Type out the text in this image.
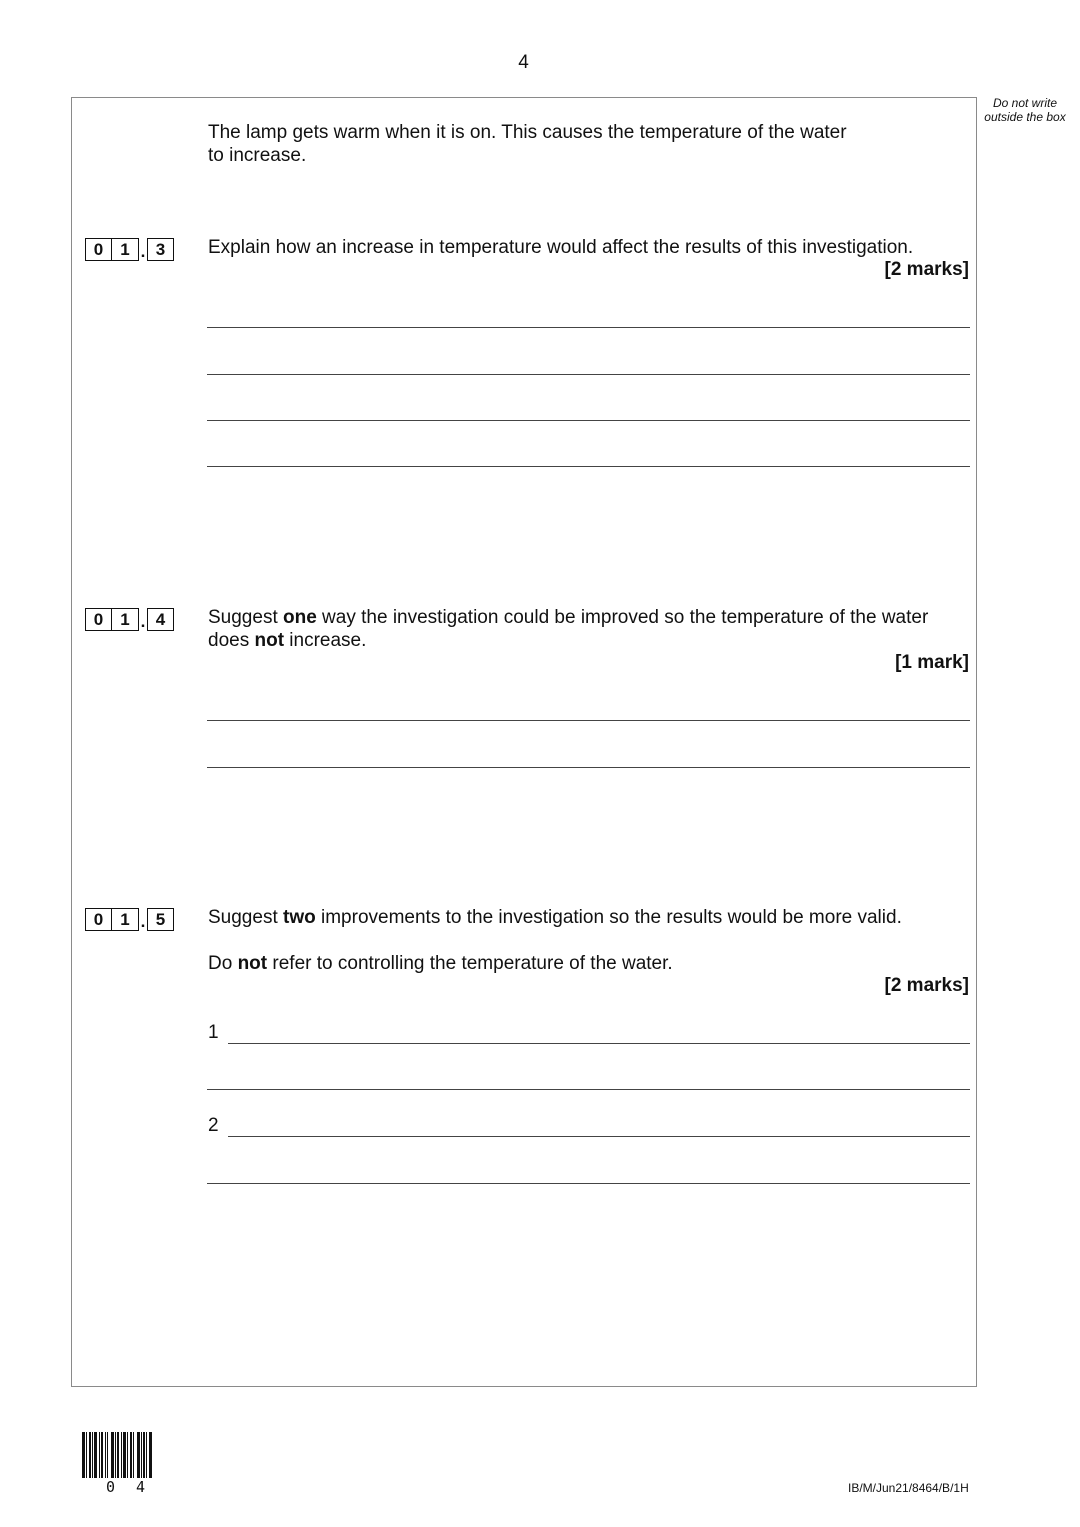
4
Do not write outside the box
The lamp gets warm when it is on. This causes the temperature of the water
to increase.
0	1 . 3	Explain how an increase in temperature would affect the results of this investigation.
[2 marks]
0	1 . 4	Suggest one way the investigation could be improved so the temperature of the water
does not increase.
[1 mark]
0	1 . 5	Suggest two improvements to the investigation so the results would be more valid.
Do not refer to controlling the temperature of the water.
[2 marks]
1
2
0 4	IB/M/Jun21/8464/B/1H
